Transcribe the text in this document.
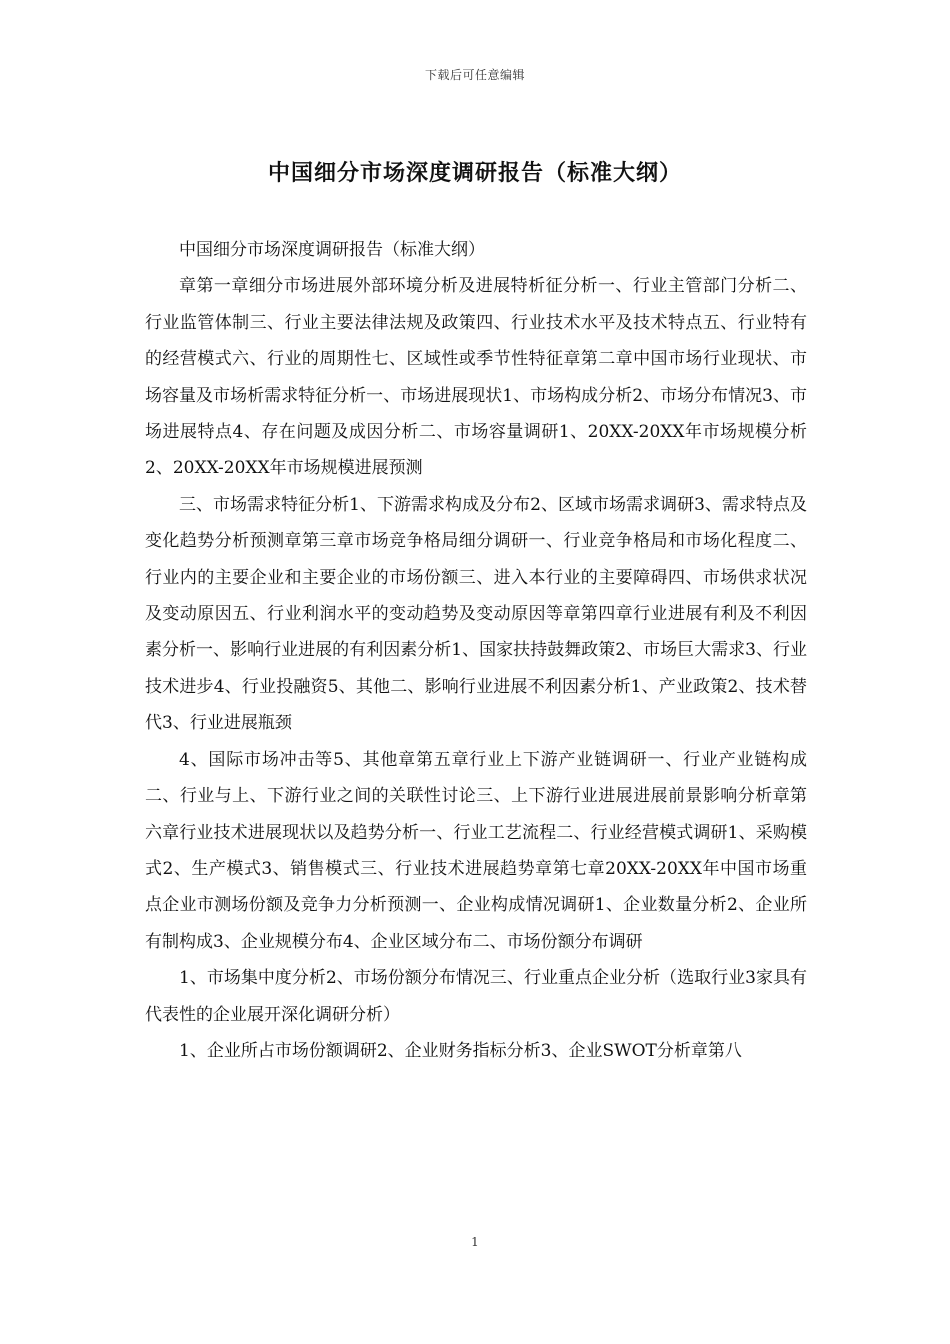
下载后可任意编辑
中国细分市场深度调研报告（标准大纲）

中国细分市场深度调研报告（标准大纲）

章第一章细分市场进展外部环境分析及进展特析征分析一、行业主管部门分析二、行业监管体制三、行业主要法律法规及政策四、行业技术水平及技术特点五、行业特有的经营模式六、行业的周期性七、区域性或季节性特征章第二章中国市场行业现状、市场容量及市场析需求特征分析一、市场进展现状1、市场构成分析2、市场分布情况3、市场进展特点4、存在问题及成因分析二、市场容量调研1、20XX-20XX年市场规模分析2、20XX-20XX年市场规模进展预测

三、市场需求特征分析1、下游需求构成及分布2、区域市场需求调研3、需求特点及变化趋势分析预测章第三章市场竞争格局细分调研一、行业竞争格局和市场化程度二、行业内的主要企业和主要企业的市场份额三、进入本行业的主要障碍四、市场供求状况及变动原因五、行业利润水平的变动趋势及变动原因等章第四章行业进展有利及不利因素分析一、影响行业进展的有利因素分析1、国家扶持鼓舞政策2、市场巨大需求3、行业技术进步4、行业投融资5、其他二、影响行业进展不利因素分析1、产业政策2、技术替代3、行业进展瓶颈

4、国际市场冲击等5、其他章第五章行业上下游产业链调研一、行业产业链构成二、行业与上、下游行业之间的关联性讨论三、上下游行业进展进展前景影响分析章第六章行业技术进展现状以及趋势分析一、行业工艺流程二、行业经营模式调研1、采购模式2、生产模式3、销售模式三、行业技术进展趋势章第七章20XX-20XX年中国市场重点企业市测场份额及竞争力分析预测一、企业构成情况调研1、企业数量分析2、企业所有制构成3、企业规模分布4、企业区域分布二、市场份额分布调研

1、市场集中度分析2、市场份额分布情况三、行业重点企业分析（选取行业3家具有代表性的企业展开深化调研分析）

1、企业所占市场份额调研2、企业财务指标分析3、企业SWOT分析章第八

1
